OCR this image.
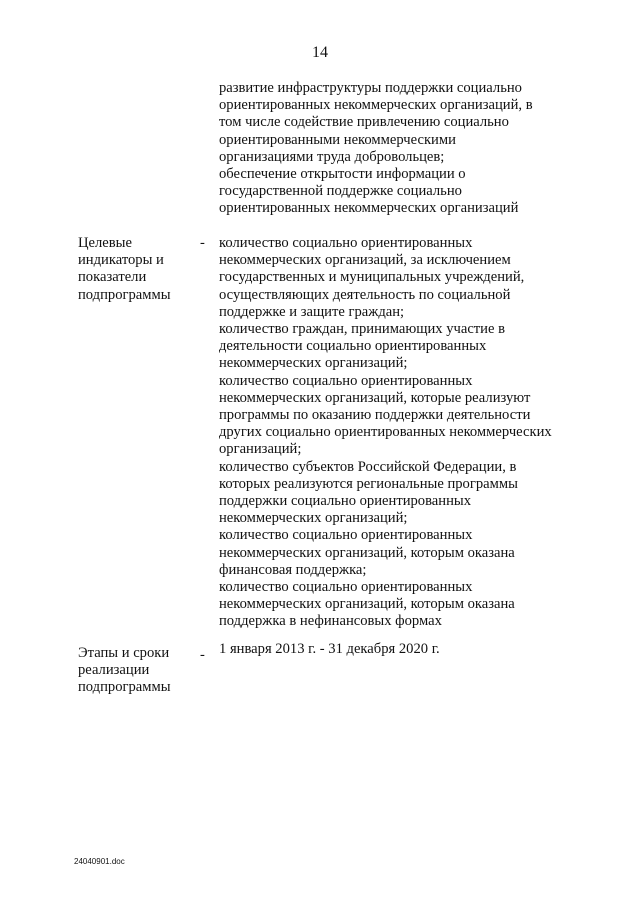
14
развитие инфраструктуры поддержки социально
ориентированных некоммерческих организаций, в
том числе содействие привлечению социально
ориентированными некоммерческими
организациями труда добровольцев;
обеспечение открытости информации о
государственной поддержке социально
ориентированных некоммерческих организаций
Целевые
индикаторы и
показатели
подпрограммы
- количество социально ориентированных
некоммерческих организаций, за исключением
государственных и муниципальных учреждений,
осуществляющих деятельность по социальной
поддержке и защите граждан;
количество граждан, принимающих участие в
деятельности социально ориентированных
некоммерческих организаций;
количество социально ориентированных
некоммерческих организаций, которые реализуют
программы по оказанию поддержки деятельности
других социально ориентированных некоммерческих
организаций;
количество субъектов Российской Федерации, в
которых реализуются региональные программы
поддержки социально ориентированных
некоммерческих организаций;
количество социально ориентированных
некоммерческих организаций, которым оказана
финансовая поддержка;
количество социально ориентированных
некоммерческих организаций, которым оказана
поддержка в нефинансовых формах
Этапы и сроки
реализации
подпрограммы
- 1 января 2013 г. - 31 декабря 2020 г.
24040901.doc
